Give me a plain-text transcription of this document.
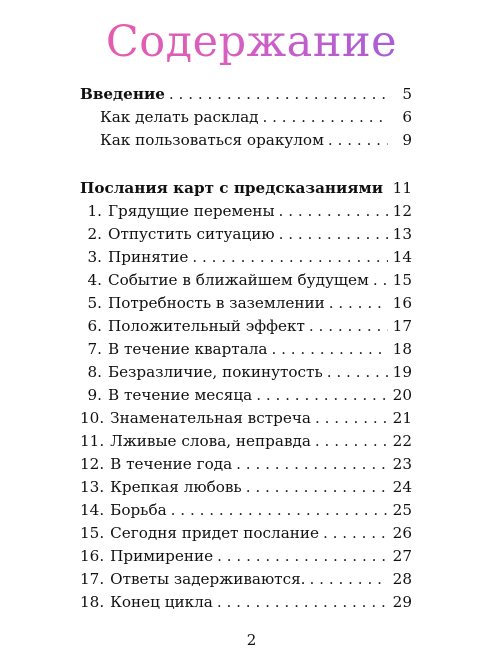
Содержание
Введение . . .	5
Как делать расклад . . .	6
Как пользоваться оракулом . . .	9
Послания карт с предсказаниями . . . 11
1. Грядущие перемены . . .	12
2. Отпустить ситуацию . . .	13
3. Принятие . . .	14
4. Событие в ближайшем будущем . . . 15
5. Потребность в заземлении . . .	16
6. Положительный эффект . . .	17
7. В течение квартала . . .	18
8. Безразличие, покинутость . . .	19
9. В течение месяца . . .	20
10. Знаменательная встреча . . .	21
11. Лживые слова, неправда . . .	22
12. В течение года . . .	23
13. Крепкая любовь . . .	24
14. Борьба . . .	25
15. Сегодня придет послание . . .	26
16. Примирение . . .	27
17. Ответы задерживаются. . . .	28
18. Конец цикла . . .	29
2
